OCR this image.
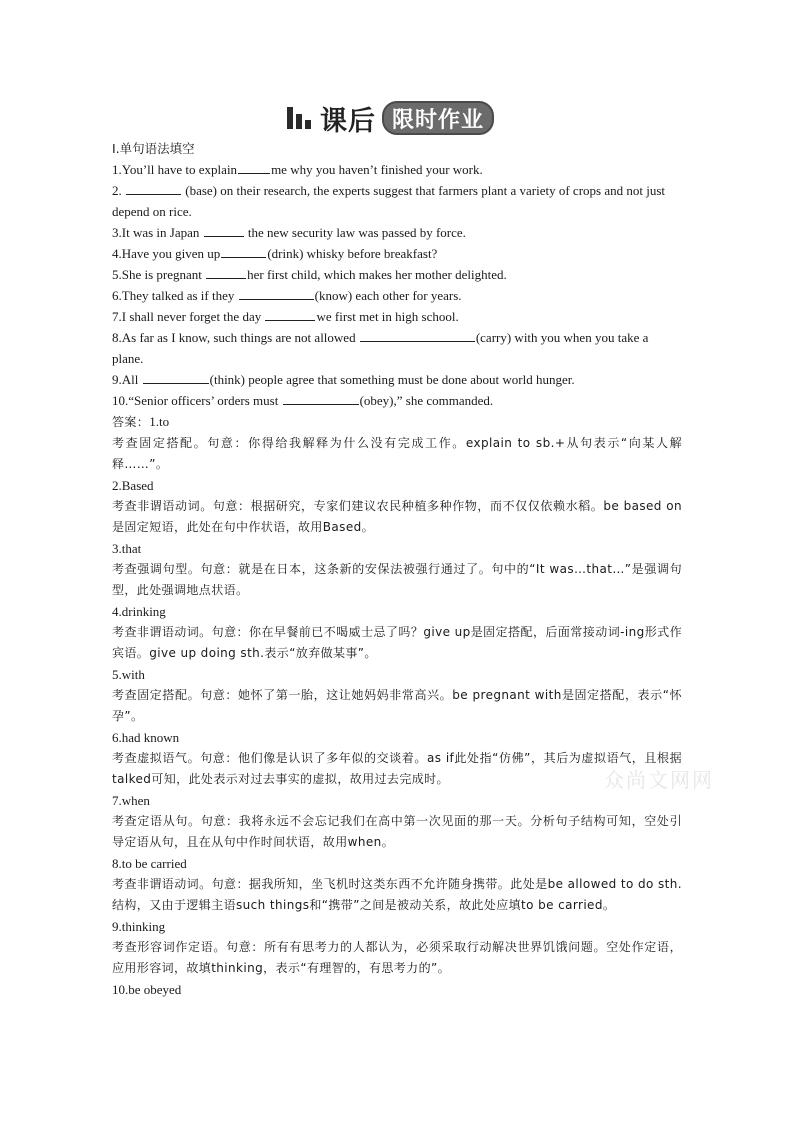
课后 限时作业
Ⅰ.单句语法填空
1.You’ll have to explain	me why you haven’t finished your work.
2.	(base) on their research, the experts suggest that farmers plant a variety of crops and not just depend on rice.
3.It was in Japan	the new security law was passed by force.
4.Have you given up	(drink) whisky before breakfast?
5.She is pregnant	her first child, which makes her mother delighted.
6.They talked as if they	(know) each other for years.
7.I shall never forget the day	we first met in high school.
8.As far as I know, such things are not allowed	(carry) with you when you take a plane.
9.All	(think) people agree that something must be done about world hunger.
10.“Senior officers’ orders must	(obey),” she commanded.
答案：1.to
考查固定搭配。句意：你得给我解释为什么没有完成工作。explain to sb.+从句表示“向某人解释……”。
2.Based
考查非谓语动词。句意：根据研究，专家们建议农民种植多种作物，而不仅仅依赖水稻。be based on是固定短语，此处在句中作状语，故用Based。
3.that
考查强调句型。句意：就是在日本，这条新的安保法被强行通过了。句中的“It was…that…”是强调句型，此处强调地点状语。
4.drinking
考查非谓语动词。句意：你在早餐前已不喝威士忌了吗？give up是固定搭配，后面常接动词-ing形式作宾语。give up doing sth.表示“放弃做某事”。
5.with
考查固定搭配。句意：她怀了第一胎，这让她妈妈非常高兴。be pregnant with是固定搭配，表示“怀孕”。
6.had known
考查虚拟语气。句意：他们像是认识了多年似的交谈着。as if此处指“仿佛”，其后为虚拟语气，且根据talked可知，此处表示对过去事实的虚拟，故用过去完成时。
7.when
考查定语从句。句意：我将永远不会忘记我们在高中第一次见面的那一天。分析句子结构可知，空处引导定语从句，且在从句中作时间状语，故用when。
8.to be carried
考查非谓语动词。句意：据我所知，坐飞机时这类东西不允许随身携带。此处是be allowed to do sth.结构，又由于逻辑主语such things和“携带”之间是被动关系，故此处应填to be carried。
9.thinking
考查形容词作定语。句意：所有有思考力的人都认为，必须采取行动解决世界饥饿问题。空处作定语，应用形容词，故填thinking，表示“有理智的，有思考力的”。
10.be obeyed
众尚文网网
